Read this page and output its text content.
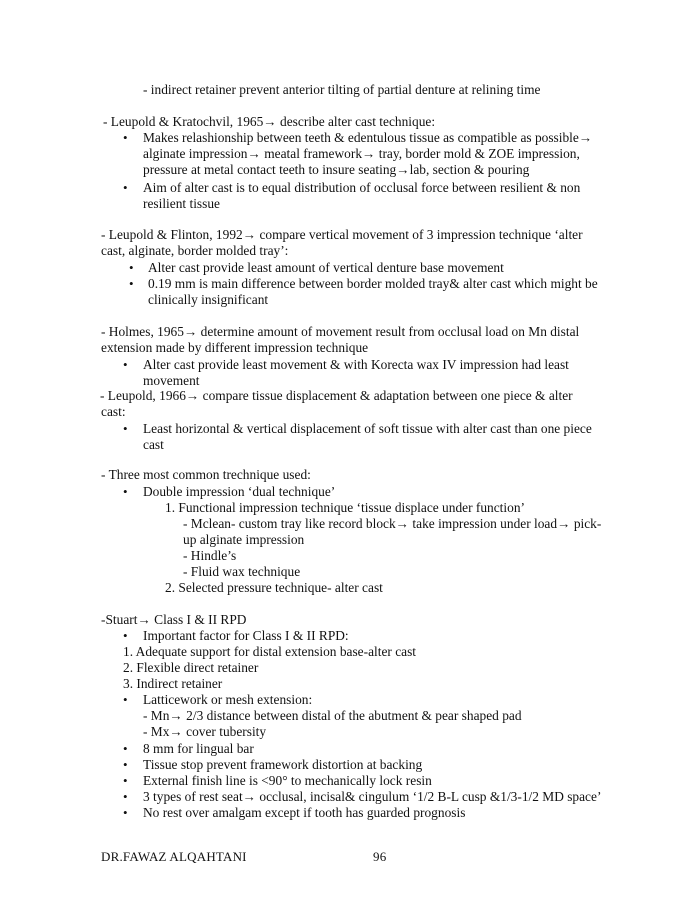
- indirect retainer prevent anterior tilting of partial denture at relining time
- Leupold & Kratochvil, 1965→ describe alter cast technique:
• Makes relashionship between teeth & edentulous tissue as compatible as possible→
alginate impression→ meatal framework→ tray, border mold & ZOE impression,
pressure at metal contact teeth to insure seating→lab, section & pouring
• Aim of alter cast is to equal distribution of occlusal force between resilient & non
resilient tissue
- Leupold & Flinton, 1992→ compare vertical movement of 3 impression technique ‘alter
cast, alginate, border molded tray’:
• Alter cast provide least amount of vertical denture base movement
• 0.19 mm is main difference between border molded tray& alter cast which might be
clinically insignificant
- Holmes, 1965→ determine amount of movement result from occlusal load on Mn distal
extension made by different impression technique
• Alter cast provide least movement & with Korecta wax IV impression had least
movement
- Leupold, 1966→ compare tissue displacement & adaptation between one piece & alter
cast:
• Least horizontal & vertical displacement of soft tissue with alter cast than one piece
cast
- Three most common trechnique used:
• Double impression ‘dual technique’
1. Functional impression technique ‘tissue displace under function’
- Mclean- custom tray like record block→ take impression under load→ pick-
up alginate impression
- Hindle’s
- Fluid wax technique
2. Selected pressure technique- alter cast
-Stuart→ Class I & II RPD
• Important factor for Class I & II RPD:
1. Adequate support for distal extension base-alter cast
2. Flexible direct retainer
3. Indirect retainer
• Latticework or mesh extension:
- Mn→ 2/3 distance between distal of the abutment & pear shaped pad
- Mx→ cover tubersity
• 8 mm for lingual bar
• Tissue stop prevent framework distortion at backing
• External finish line is <90° to mechanically lock resin
• 3 types of rest seat→ occlusal, incisal& cingulum ‘1/2 B-L cusp &1/3-1/2 MD space’
• No rest over amalgam except if tooth has guarded prognosis
DR.FAWAZ ALQAHTANI	96
